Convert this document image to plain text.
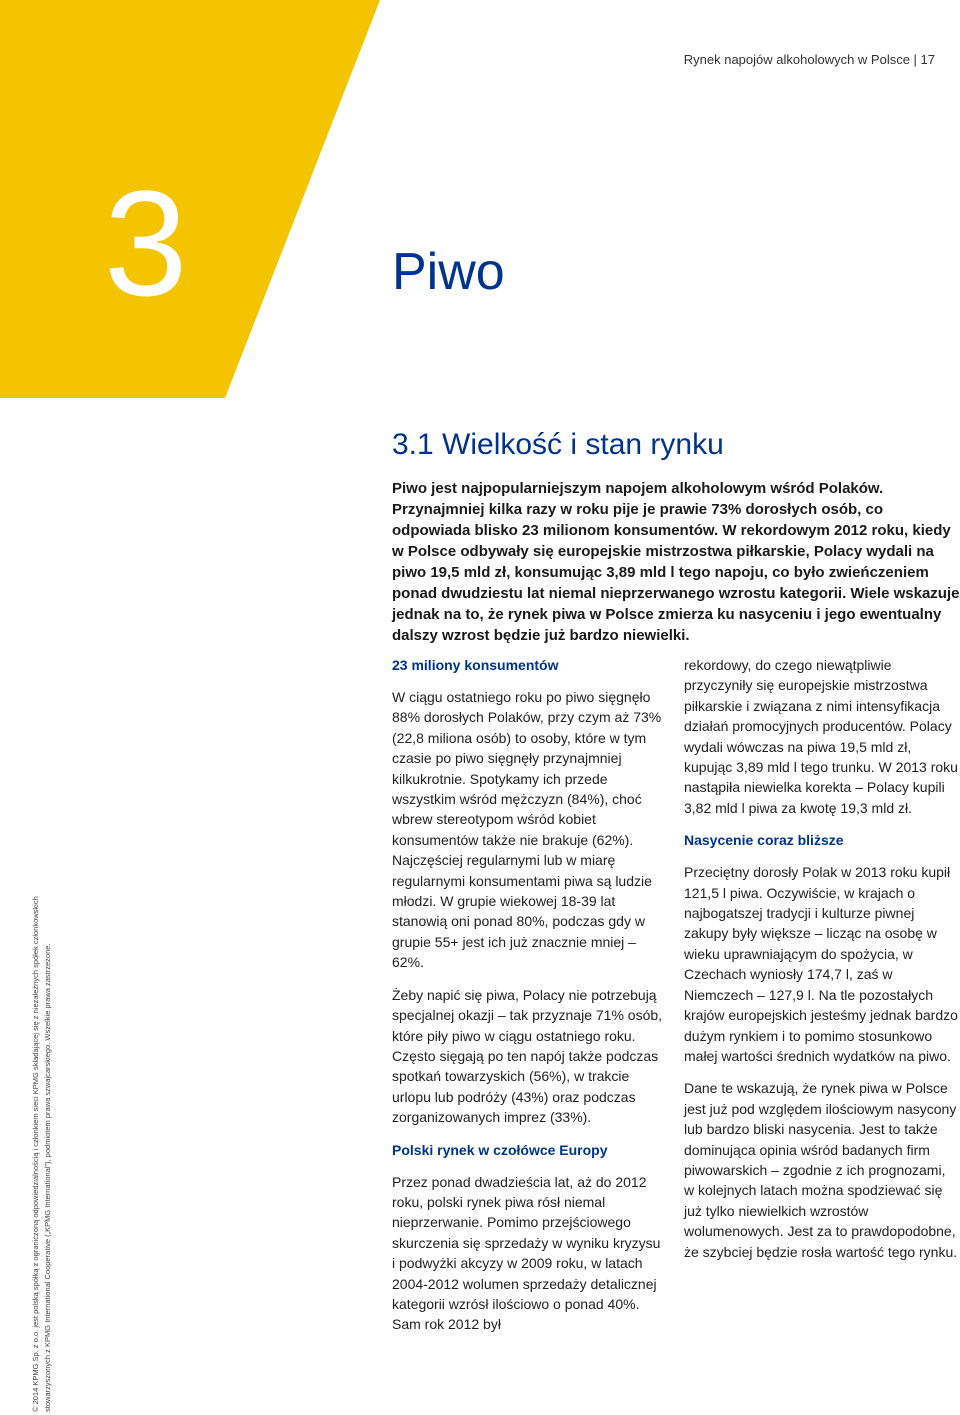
3
Rynek napojów alkoholowych w Polsce | 17
Piwo
3.1 Wielkość i stan rynku
Piwo jest najpopularniejszym napojem alkoholowym wśród Polaków. Przynajmniej kilka razy w roku pije je prawie 73% dorosłych osób, co odpowiada blisko 23 milionom konsumentów. W rekordowym 2012 roku, kiedy w Polsce odbywały się europejskie mistrzostwa piłkarskie, Polacy wydali na piwo 19,5 mld zł, konsumując 3,89 mld l tego napoju, co było zwieńczeniem ponad dwudziestu lat niemal nieprzerwanego wzrostu kategorii. Wiele wskazuje jednak na to, że rynek piwa w Polsce zmierza ku nasyceniu i jego ewentualny dalszy wzrost będzie już bardzo niewielki.
23 miliony konsumentów

W ciągu ostatniego roku po piwo sięgnęło 88% dorosłych Polaków, przy czym aż 73% (22,8 miliona osób) to osoby, które w tym czasie po piwo sięgnęły przynajmniej kilkukrotnie. Spotykamy ich przede wszystkim wśród mężczyzn (84%), choć wbrew stereotypom wśród kobiet konsumentów także nie brakuje (62%). Najczęściej regularnymi lub w miarę regularnymi konsumentami piwa są ludzie młodzi. W grupie wiekowej 18-39 lat stanowią oni ponad 80%, podczas gdy w grupie 55+ jest ich już znacznie mniej – 62%.

Żeby napić się piwa, Polacy nie potrzebują specjalnej okazji – tak przyznaje 71% osób, które piły piwo w ciągu ostatniego roku. Często sięgają po ten napój także podczas spotkań towarzyskich (56%), w trakcie urlopu lub podróży (43%) oraz podczas zorganizowanych imprez (33%).

Polski rynek w czołówce Europy

Przez ponad dwadzieścia lat, aż do 2012 roku, polski rynek piwa rósł niemal nieprzerwanie. Pomimo przejściowego skurczenia się sprzedaży w wyniku kryzysu i podwyżki akcyzy w 2009 roku, w latach 2004-2012 wolumen sprzedaży detalicznej kategorii wzrósł ilościowo o ponad 40%. Sam rok 2012 był

rekordowy, do czego niewątpliwie przyczyniły się europejskie mistrzostwa piłkarskie i związana z nimi intensyfikacja działań promocyjnych producentów. Polacy wydali wówczas na piwa 19,5 mld zł, kupując 3,89 mld l tego trunku. W 2013 roku nastąpiła niewielka korekta – Polacy kupili 3,82 mld l piwa za kwotę 19,3 mld zł.

Nasycenie coraz bliższe

Przeciętny dorosły Polak w 2013 roku kupił 121,5 l piwa. Oczywiście, w krajach o najbogatszej tradycji i kulturze piwnej zakupy były większe – licząc na osobę w wieku uprawniającym do spożycia, w Czechach wyniosły 174,7 l, zaś w Niemczech – 127,9 l. Na tle pozostałych krajów europejskich jesteśmy jednak bardzo dużym rynkiem i to pomimo stosunkowo małej wartości średnich wydatków na piwo.

Dane te wskazują, że rynek piwa w Polsce jest już pod względem ilościowym nasycony lub bardzo bliski nasycenia. Jest to także dominująca opinia wśród badanych firm piwowarskich – zgodnie z ich prognozami, w kolejnych latach można spodziewać się już tylko niewielkich wzrostów wolumenowych. Jest za to prawdopodobne, że szybciej będzie rosła wartość tego rynku.

© 2014 KPMG Sp. z o.o. jest polską spółką z ograniczoną odpowiedzialnością i członkiem sieci KPMG składającej się z niezależnych spółek członkowskich stowarzyszonych z KPMG International Cooperative („KPMG International”), podmiotem prawa szwajcarskiego. Wszelkie prawa zastrzeżone.
